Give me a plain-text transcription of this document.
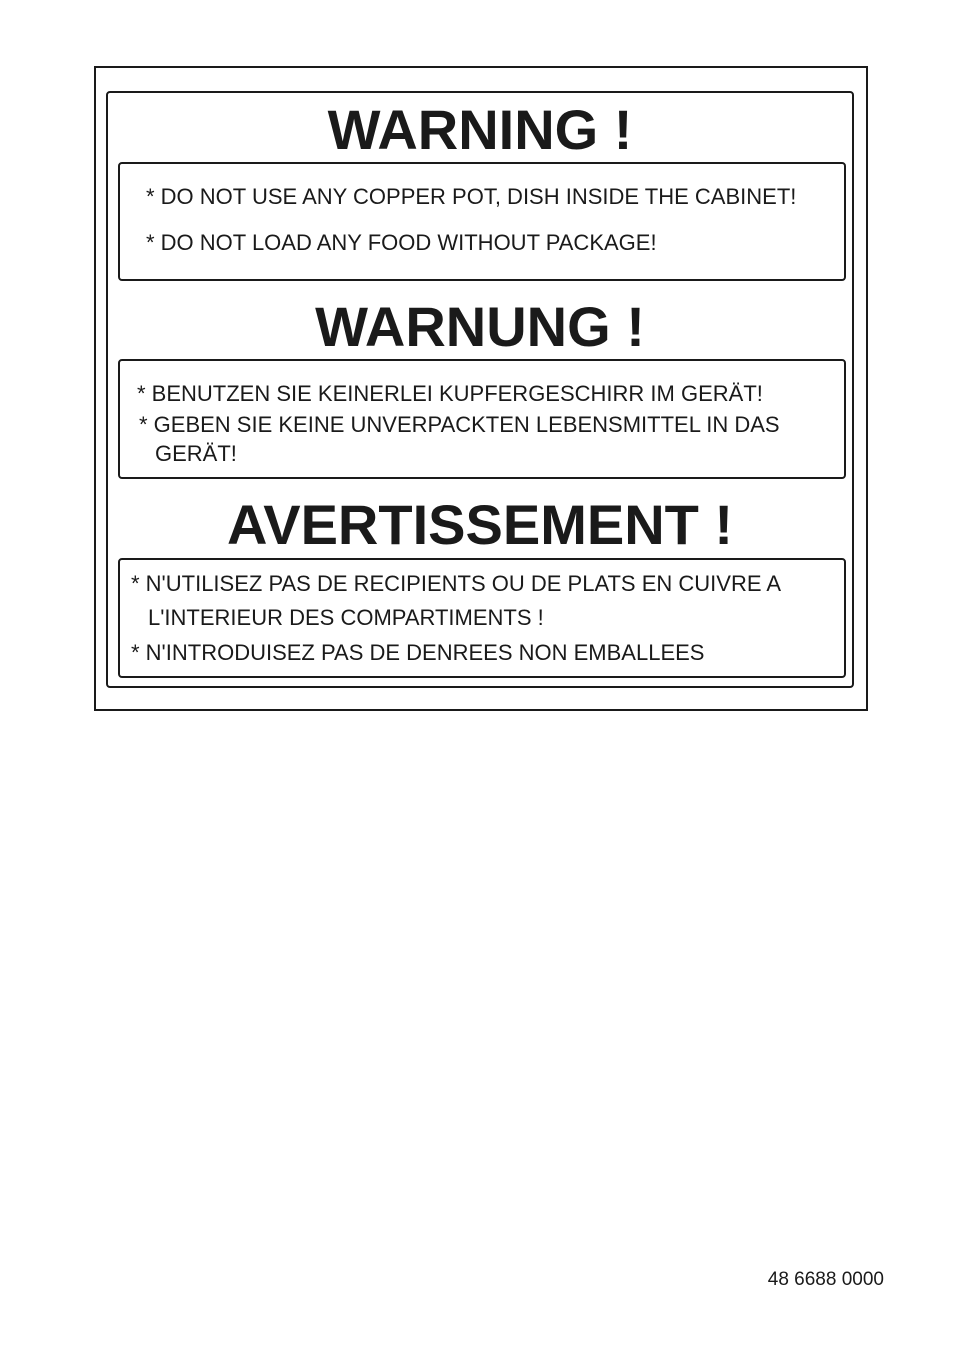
WARNING !
* DO NOT USE ANY COPPER POT, DISH INSIDE THE CABINET!
* DO NOT LOAD ANY FOOD WITHOUT PACKAGE!
WARNUNG !
* BENUTZEN SIE KEINERLEI KUPFERGESCHIRR IM GERÄT!
* GEBEN SIE KEINE UNVERPACKTEN LEBENSMITTEL IN DAS
GERÄT!
AVERTISSEMENT !
* N'UTILISEZ PAS DE RECIPIENTS OU DE PLATS EN CUIVRE A
L'INTERIEUR DES COMPARTIMENTS !
* N'INTRODUISEZ PAS DE DENREES NON EMBALLEES
48 6688 0000
